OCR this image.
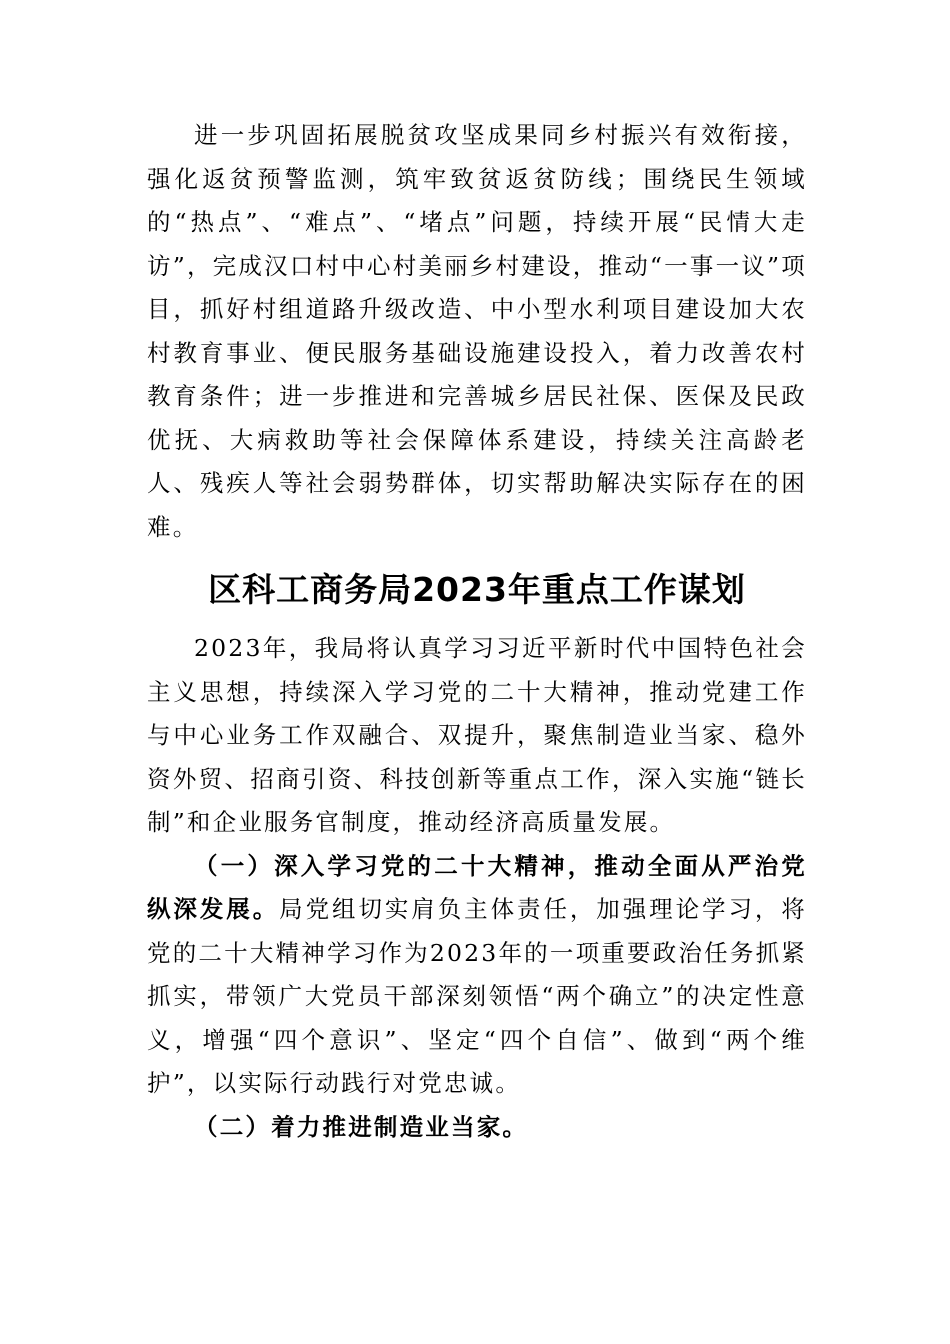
进一步巩固拓展脱贫攻坚成果同乡村振兴有效衔接，强化返贫预警监测，筑牢致贫返贫防线；围绕民生领域的“热点”、“难点”、“堵点”问题，持续开展“民情大走访”，完成汉口村中心村美丽乡村建设，推动“一事一议”项目，抓好村组道路升级改造、中小型水利项目建设加大农村教育事业、便民服务基础设施建设投入，着力改善农村教育条件；进一步推进和完善城乡居民社保、医保及民政优抚、大病救助等社会保障体系建设，持续关注高龄老人、残疾人等社会弱势群体，切实帮助解决实际存在的困难。

区科工商务局2023年重点工作谋划

2023年，我局将认真学习习近平新时代中国特色社会主义思想，持续深入学习党的二十大精神，推动党建工作与中心业务工作双融合、双提升，聚焦制造业当家、稳外资外贸、招商引资、科技创新等重点工作，深入实施“链长制”和企业服务官制度，推动经济高质量发展。

（一）深入学习党的二十大精神，推动全面从严治党纵深发展。局党组切实肩负主体责任，加强理论学习，将党的二十大精神学习作为2023年的一项重要政治任务抓紧抓实，带领广大党员干部深刻领悟“两个确立”的决定性意义，增强“四个意识”、坚定“四个自信”、做到“两个维护”，以实际行动践行对党忠诚。

（二）着力推进制造业当家。
